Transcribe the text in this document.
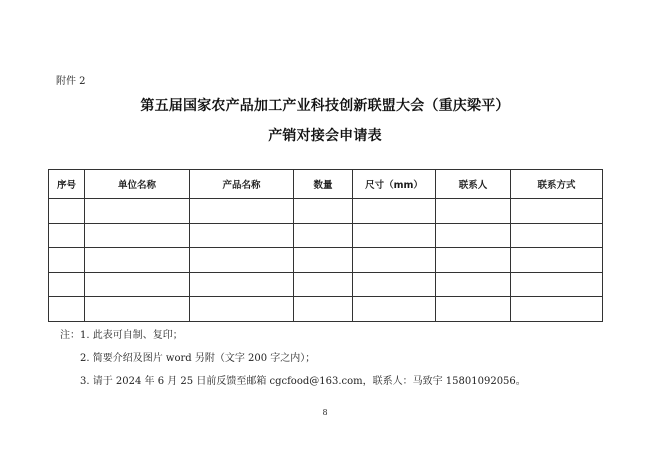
附件 2
第五届国家农产品加工产业科技创新联盟大会（重庆梁平）
产销对接会申请表
序号	单位名称	产品名称	数量	尺寸（mm）	联系人	联系方式

注： 1. 此表可自制、复印；
2. 简要介绍及图片 word 另附（文字 200 字之内）；
3. 请于 2024 年 6 月 25 日前反馈至邮箱 cgcfood@163.com，联系人：马致宇 15801092056。
8
